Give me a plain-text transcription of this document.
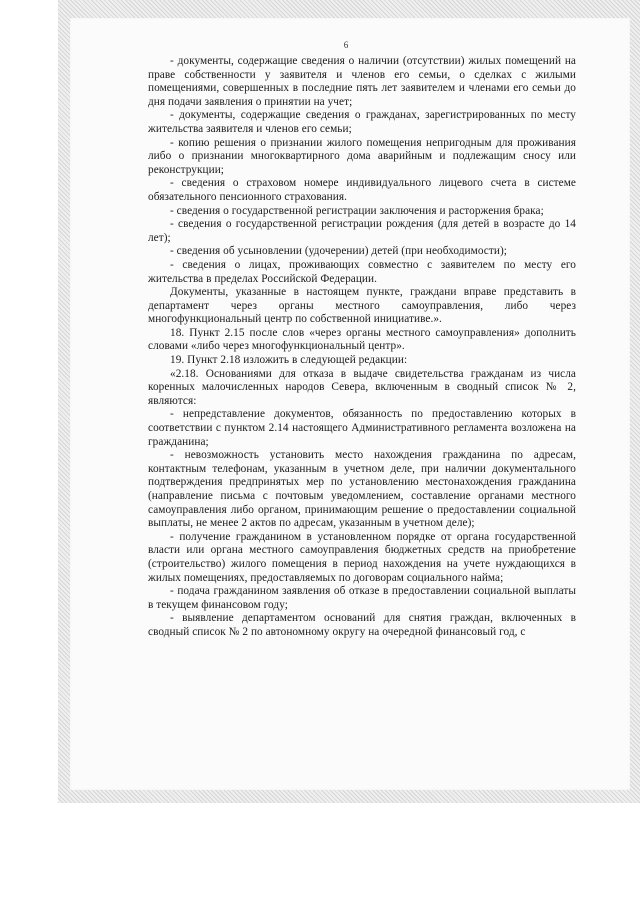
6

- документы, содержащие сведения о наличии (отсутствии) жилых помещений на праве собственности у заявителя и членов его семьи, о сделках с жилыми помещениями, совершенных в последние пять лет заявителем и членами его семьи до дня подачи заявления о принятии на учет;

- документы, содержащие сведения о гражданах, зарегистрированных по месту жительства заявителя и членов его семьи;

- копию решения о признании жилого помещения непригодным для проживания либо о признании многоквартирного дома аварийным и подлежащим сносу или реконструкции;

- сведения о страховом номере индивидуального лицевого счета в системе обязательного пенсионного страхования.

- сведения о государственной регистрации заключения и расторжения брака;

- сведения о государственной регистрации рождения (для детей в возрасте до 14 лет);

- сведения об усыновлении (удочерении) детей (при необходимости);

- сведения о лицах, проживающих совместно с заявителем по месту его жительства в пределах Российской Федерации.

Документы, указанные в настоящем пункте, граждани вправе представить в департамент через органы местного самоуправления, либо через многофункциональный центр по собственной инициативе.».

18. Пункт 2.15 после слов «через органы местного самоуправления» дополнить словами «либо через многофункциональный центр».

19. Пункт 2.18 изложить в следующей редакции:

«2.18. Основаниями для отказа в выдаче свидетельства гражданам из числа коренных малочисленных народов Севера, включенным в сводный список № 2, являются:

- непредставление документов, обязанность по предоставлению которых в соответствии с пунктом 2.14 настоящего Административного регламента возложена на гражданина;

- невозможность установить место нахождения гражданина по адресам, контактным телефонам, указанным в учетном деле, при наличии документального подтверждения предпринятых мер по установлению местонахождения гражданина (направление письма с почтовым уведомлением, составление органами местного самоуправления либо органом, принимающим решение о предоставлении социальной выплаты, не менее 2 актов по адресам, указанным в учетном деле);

- получение гражданином в установленном порядке от органа государственной власти или органа местного самоуправления бюджетных средств на приобретение (строительство) жилого помещения в период нахождения на учете нуждающихся в жилых помещениях, предоставляемых по договорам социального найма;

- подача гражданином заявления об отказе в предоставлении социальной выплаты в текущем финансовом году;

- выявление департаментом оснований для снятия граждан, включенных в сводный список № 2 по автономному округу на очередной финансовый год, с
